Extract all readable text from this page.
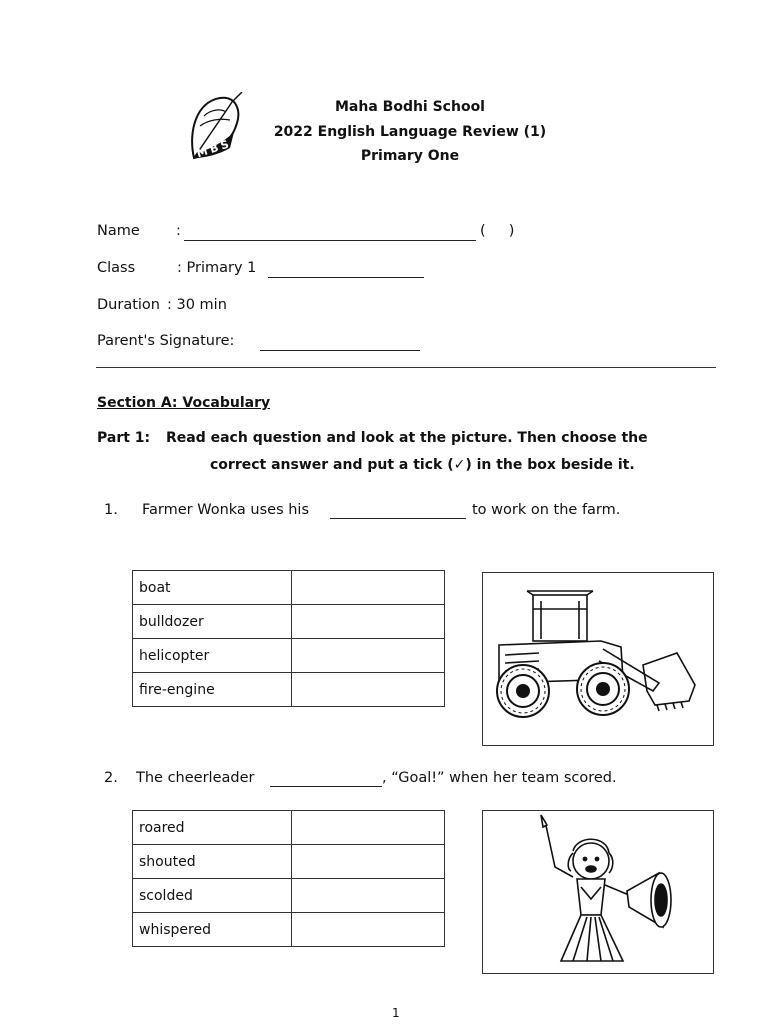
MBS
Maha Bodhi School
2022 English Language Review (1)
Primary One
Name :	(     )
Class	: Primary 1
Duration : 30 min
Parent's Signature:
Section A: Vocabulary
Part 1: Read each question and look at the picture. Then choose the
correct answer and put a tick (✓) in the box beside it.
1. Farmer Wonka uses his	to work on the farm.
boat	
bulldozer	
helicopter	
fire-engine	
2. The cheerleader	, “Goal!” when her team scored.
roared	
shouted	
scolded	
whispered	
1
